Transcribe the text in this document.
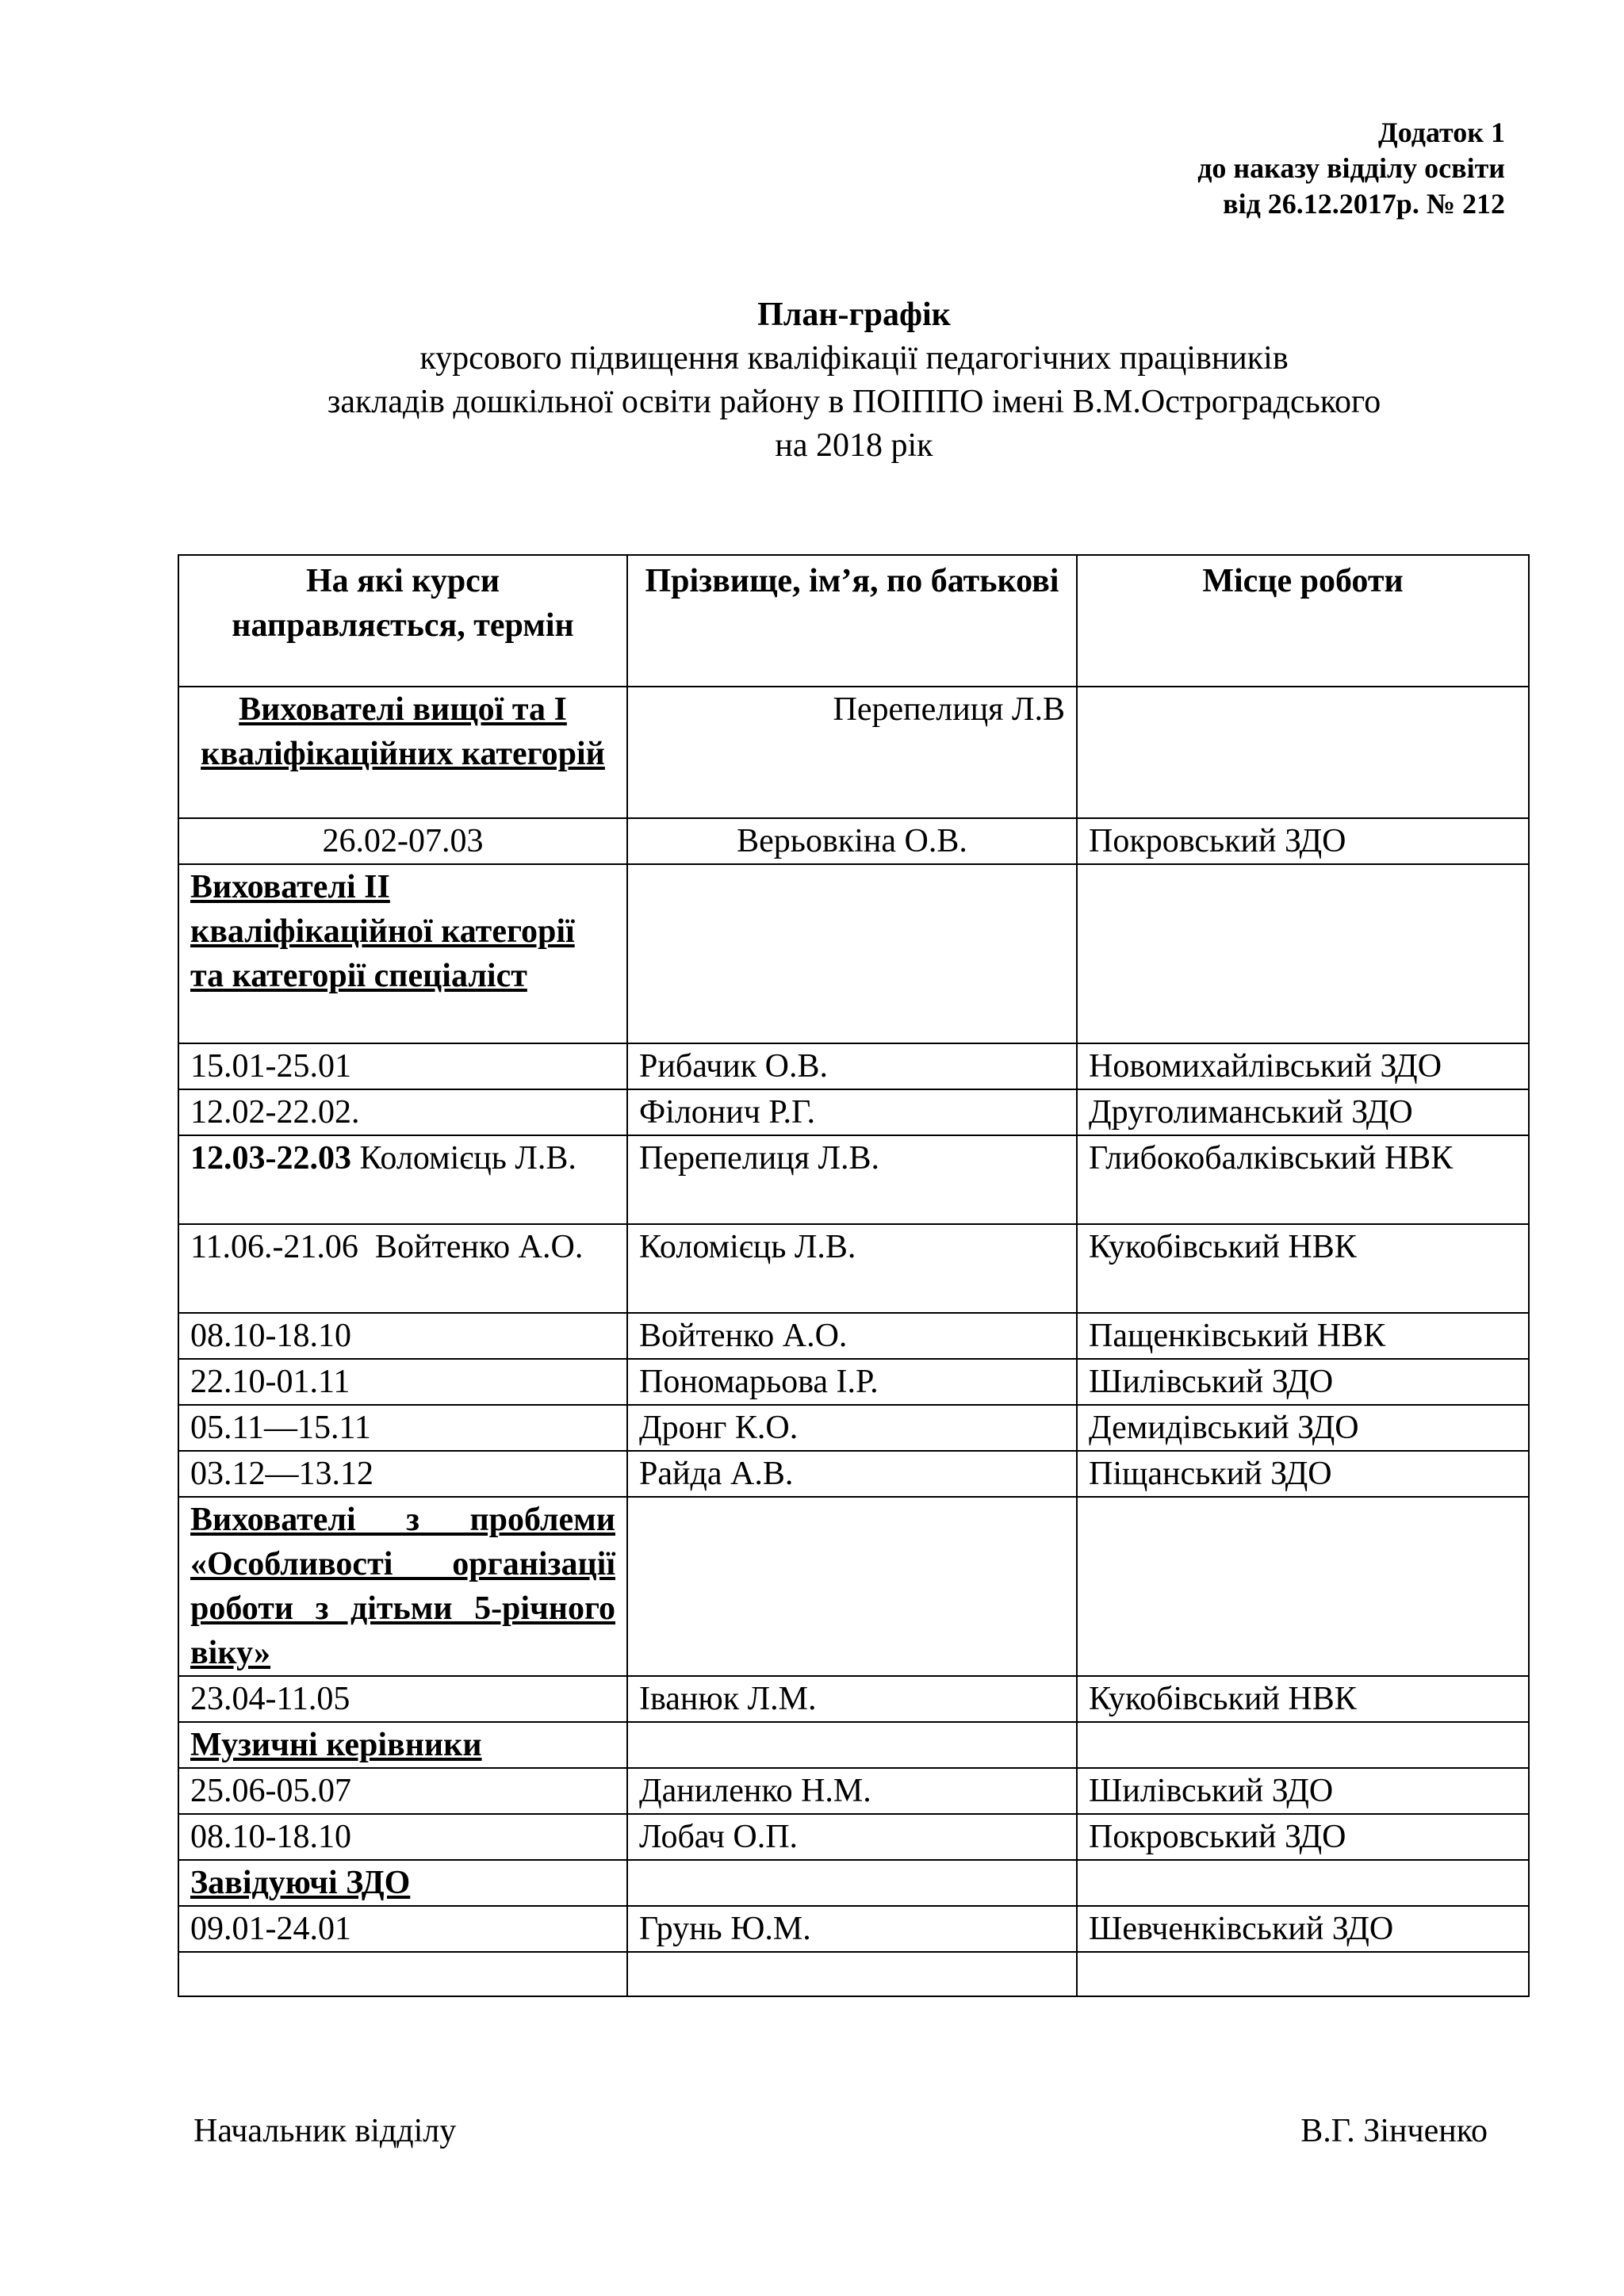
Додаток 1
до наказу відділу освіти
від 26.12.2017р. № 212
План-графік
курсового підвищення кваліфікації педагогічних працівників
закладів дошкільної освіти району в ПОІППО імені В.М.Остроградського
на 2018 рік
На які курси направляється, термін	Прізвище, ім’я, по батькові	Місце роботи
Вихователі вищої та І кваліфікаційних категорій	Перепелиця Л.В	
26.02-07.03	Верьовкіна О.В.	Покровський ЗДО
Вихователі ІІ кваліфікаційної категорії та категорії спеціаліст		
15.01-25.01	Рибачик О.В.	Новомихайлівський ЗДО
12.02-22.02.	Філонич Р.Г.	Друголиманський ЗДО
12.03-22.03 Коломієць Л.В.	Перепелиця Л.В.	Глибокобалківський НВК
11.06.-21.06  Войтенко А.О.	Коломієць Л.В.	Кукобівський НВК
08.10-18.10	Войтенко А.О.	Пащенківський НВК
22.10-01.11	Пономарьова І.Р.	Шилівський ЗДО
05.11—15.11	Дронг К.О.	Демидівський ЗДО
03.12—13.12	Райда А.В.	Піщанський ЗДО
Вихователі з проблеми «Особливості організації роботи з дітьми 5-річного віку»		
23.04-11.05	Іванюк Л.М.	Кукобівський НВК
Музичні керівники		
25.06-05.07	Даниленко Н.М.	Шилівський ЗДО
08.10-18.10	Лобач О.П.	Покровський ЗДО
Завідуючі ЗДО		
09.01-24.01	Грунь Ю.М.	Шевченківський ЗДО

Начальник відділу	В.Г. Зінченко
